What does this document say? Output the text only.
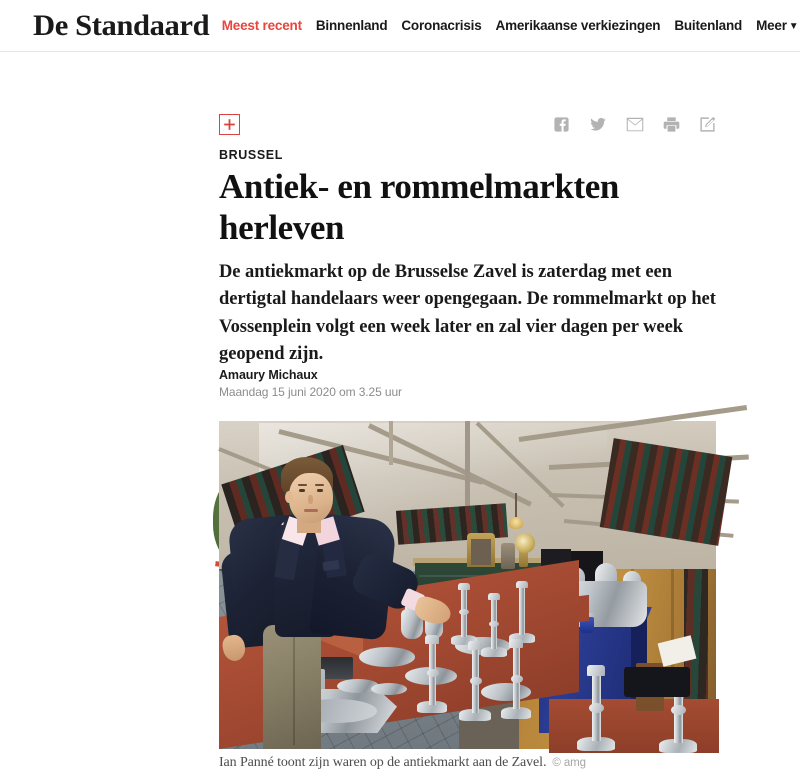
De Standaard Meest recent Binnenland Coronacrisis Amerikaanse verkiezingen Buitenland Meer ▼
BRUSSEL
Antiek- en rommelmarkten herleven

De antiekmarkt op de Brusselse Zavel is zaterdag met een dertigtal handelaars weer opengegaan. De rommelmarkt op het Vossenplein volgt een week later en zal vier dagen per week geopend zijn.

Amaury Michaux
Maandag 15 juni 2020 om 3.25 uur
Ian Panné toont zijn waren op de antiekmarkt aan de Zavel. © amg
